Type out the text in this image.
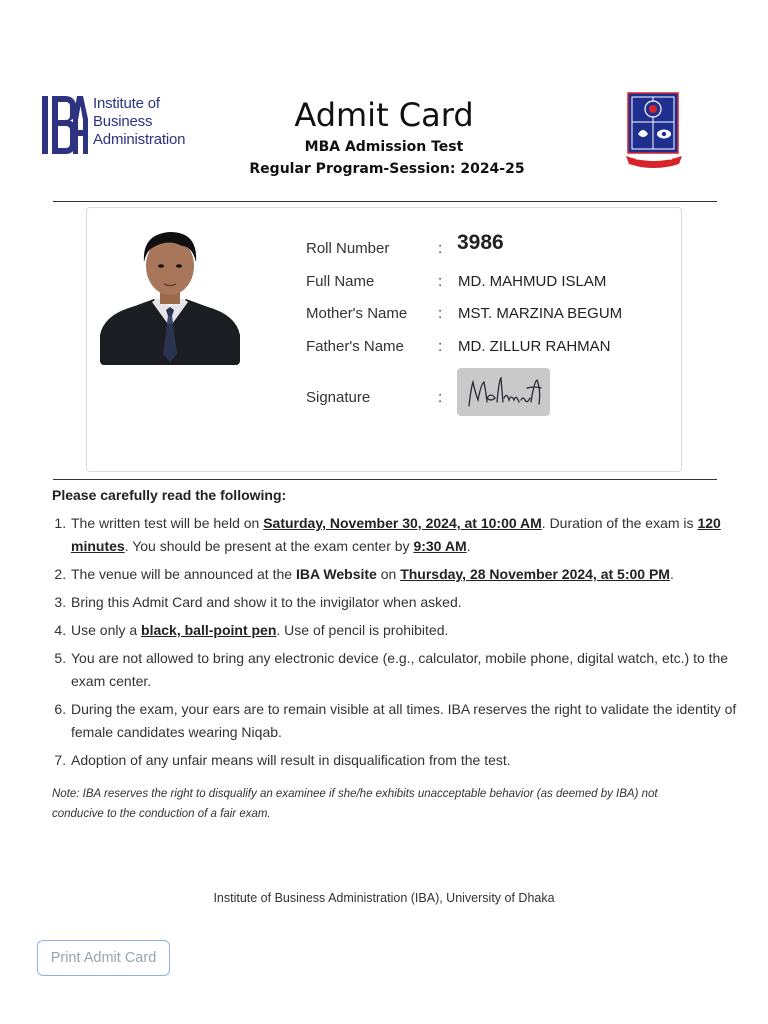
Institute of
Business
Administration
Admit Card
MBA Admission Test
Regular Program-Session: 2024-25
Roll Number	: 3986
Full Name	: MD. MAHMUD ISLAM
Mother's Name : MST. MARZINA BEGUM
Father's Name : MD. ZILLUR RAHMAN
Signature	:
Please carefully read the following:
1. The written test will be held on Saturday, November 30, 2024, at 10:00 AM. Duration of the exam is 120 minutes. You should be present at the exam center by 9:30 AM.
2. The venue will be announced at the IBA Website on Thursday, 28 November 2024, at 5:00 PM.
3. Bring this Admit Card and show it to the invigilator when asked.
4. Use only a black, ball-point pen. Use of pencil is prohibited.
5. You are not allowed to bring any electronic device (e.g., calculator, mobile phone, digital watch, etc.) to the exam center.
6. During the exam, your ears are to remain visible at all times. IBA reserves the right to validate the identity of female candidates wearing Niqab.
7. Adoption of any unfair means will result in disqualification from the test.
Note: IBA reserves the right to disqualify an examinee if she/he exhibits unacceptable behavior (as deemed by IBA) not conducive to the conduction of a fair exam.
Institute of Business Administration (IBA), University of Dhaka
Print Admit Card
